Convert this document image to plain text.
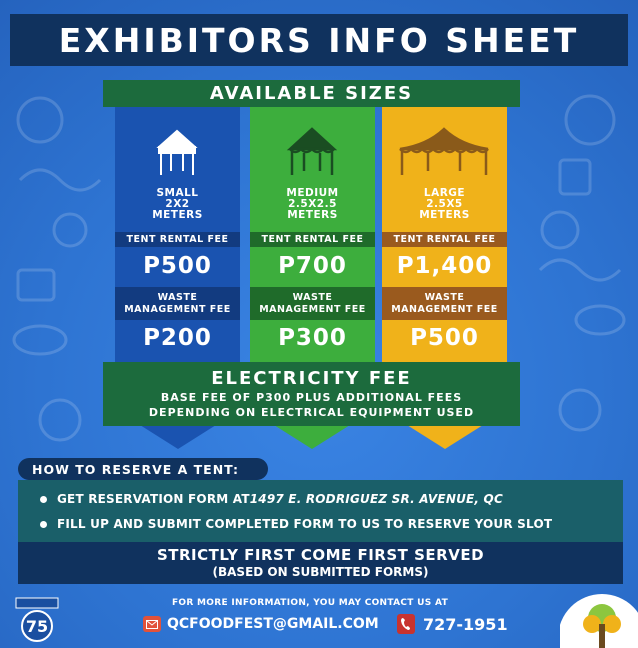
EXHIBITORS INFO SHEET
AVAILABLE SIZES
SMALL
2X2
METERS
TENT RENTAL FEE
P500
WASTE
MANAGEMENT FEE
P200
MEDIUM
2.5X2.5
METERS
TENT RENTAL FEE
P700
WASTE
MANAGEMENT FEE
P300
LARGE
2.5X5
METERS
TENT RENTAL FEE
P1,400
WASTE
MANAGEMENT FEE
P500
ELECTRICITY FEE
BASE FEE OF P300 PLUS ADDITIONAL FEES
DEPENDING ON ELECTRICAL EQUIPMENT USED
HOW TO RESERVE A TENT:
GET RESERVATION FORM AT 1497 E. RODRIGUEZ SR. AVENUE, QC
FILL UP AND SUBMIT COMPLETED FORM TO US TO RESERVE YOUR SLOT
STRICTLY FIRST COME FIRST SERVED
(BASED ON SUBMITTED FORMS)
FOR MORE INFORMATION, YOU MAY CONTACT US AT
QCFOODFEST@GMAIL.COM	727-1951
75
